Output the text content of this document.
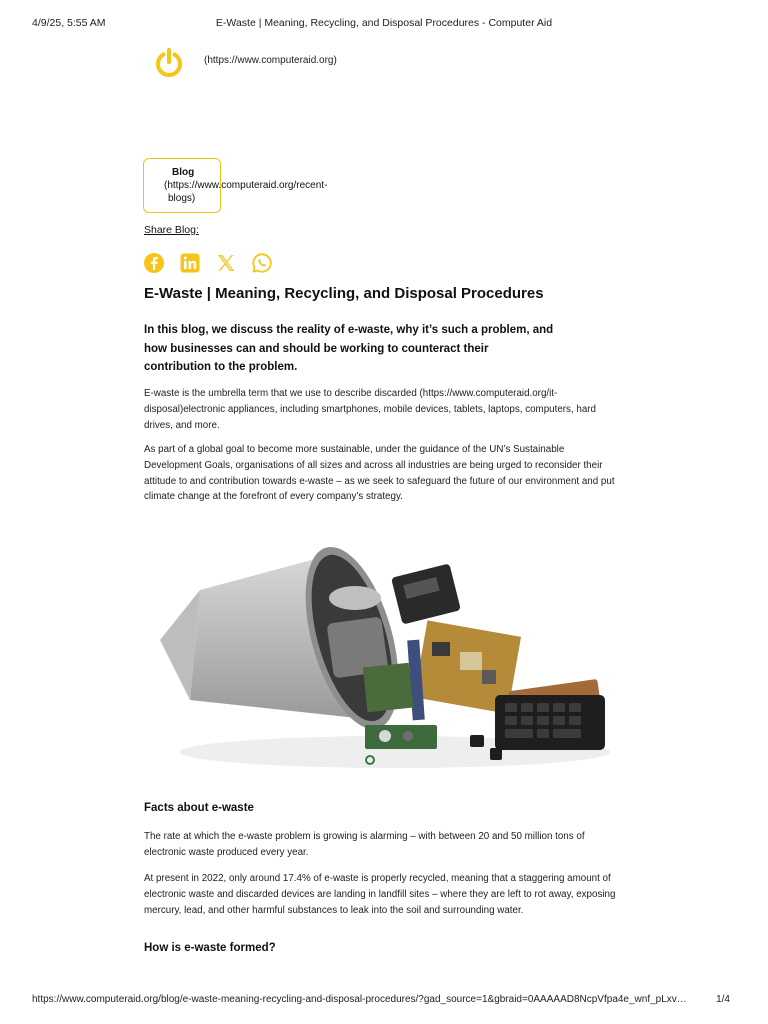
4/9/25, 5:55 AM	E-Waste | Meaning, Recycling, and Disposal Procedures - Computer Aid
(https://www.computeraid.org)
Blog
(https://www.computeraid.org/recent-
blogs)
Share Blog:
E-Waste | Meaning, Recycling, and Disposal Procedures

In this blog, we discuss the reality of e-waste, why it’s such a problem, and how businesses can and should be working to counteract their contribution to the problem.

E-waste is the umbrella term that we use to describe discarded (https://www.computeraid.org/it-disposal)electronic appliances, including smartphones, mobile devices, tablets, laptops, computers, hard drives, and more.

As part of a global goal to become more sustainable, under the guidance of the UN’s Sustainable Development Goals, organisations of all sizes and across all industries are being urged to reconsider their attitude to and contribution towards e-waste – as we seek to safeguard the future of our environment and put climate change at the forefront of every company’s strategy.

Facts about e-waste

The rate at which the e-waste problem is growing is alarming – with between 20 and 50 million tons of electronic waste produced every year.

At present in 2022, only around 17.4% of e-waste is properly recycled, meaning that a staggering amount of electronic waste and discarded devices are landing in landfill sites – where they are left to rot away, exposing mercury, lead, and other harmful substances to leak into the soil and surrounding water.

How is e-waste formed?
https://www.computeraid.org/blog/e-waste-meaning-recycling-and-disposal-procedures/?gad_source=1&gbraid=0AAAAAD8NcpVfpa4e_wnf_pLxv…	1/4
